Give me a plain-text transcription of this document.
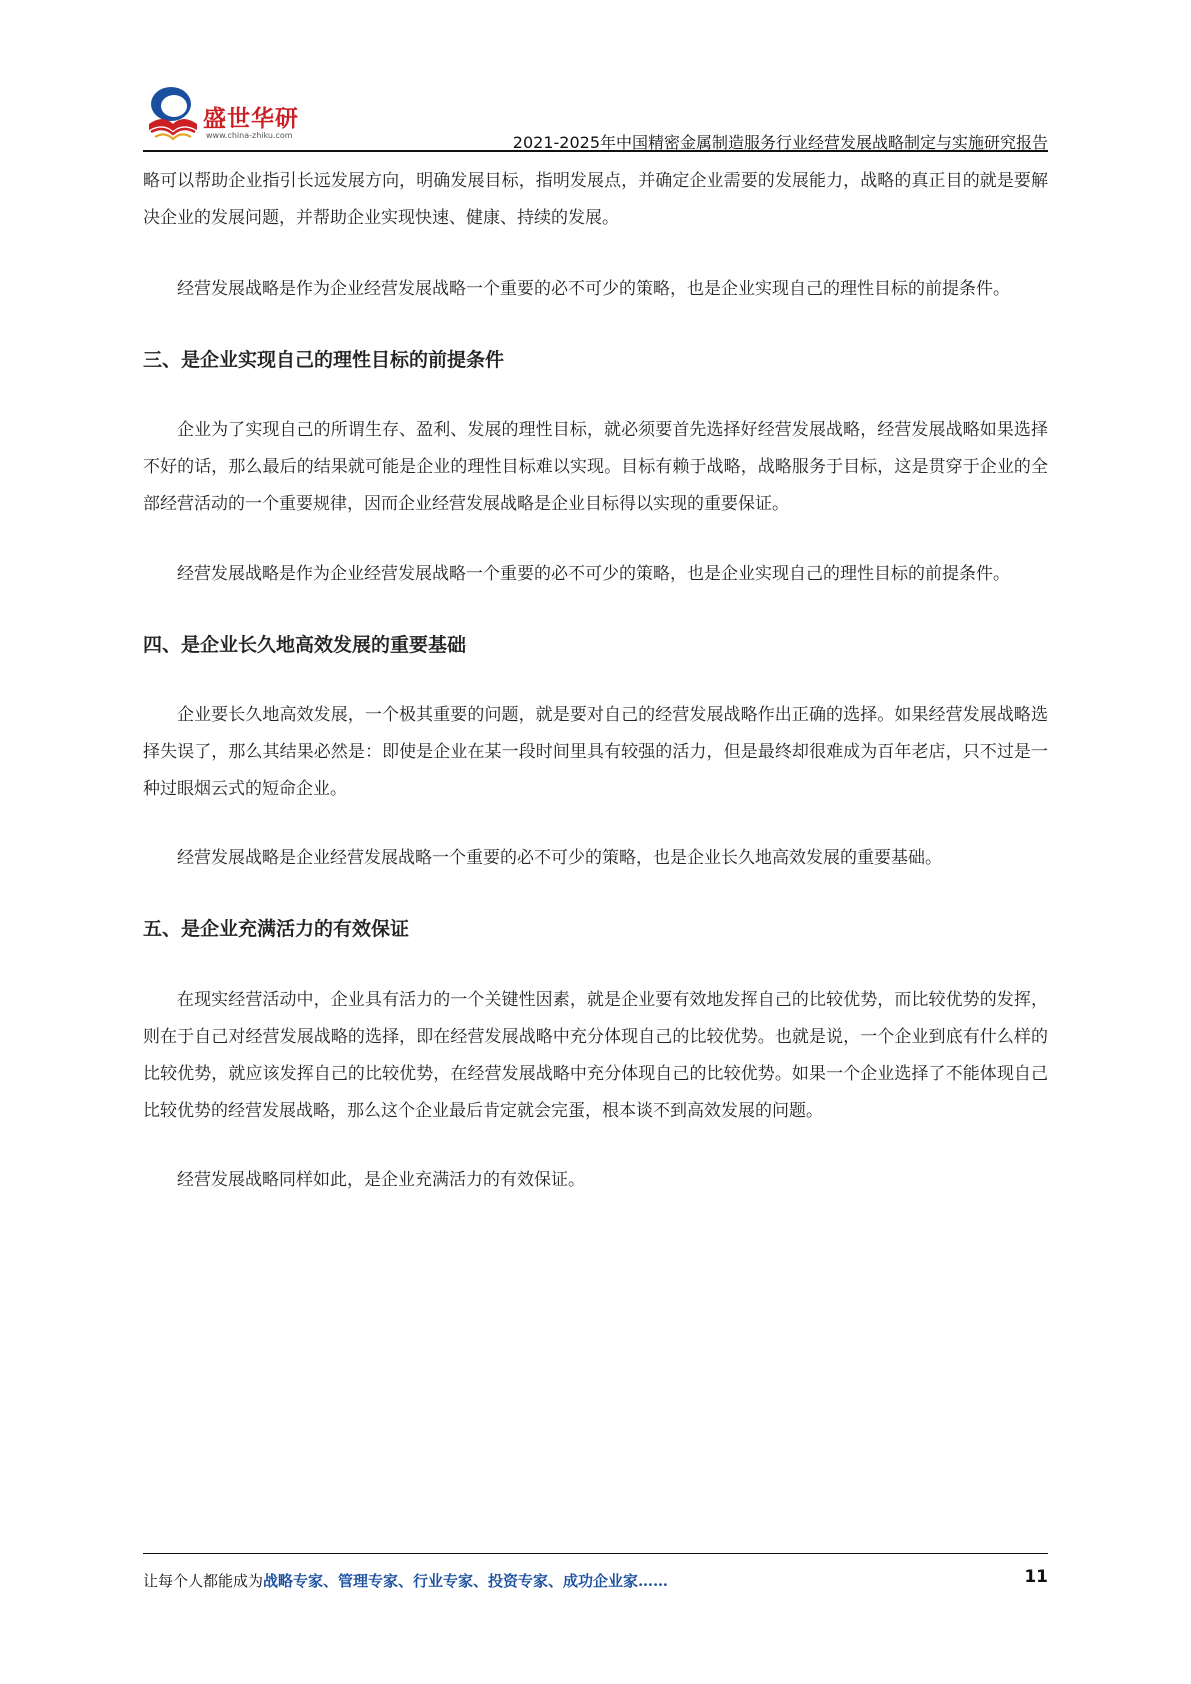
盛世华研
www.china-zhiku.com	2021-2025年中国精密金属制造服务行业经营发展战略制定与实施研究报告

略可以帮助企业指引长远发展方向，明确发展目标，指明发展点，并确定企业需要的发展能力，战略的真正目的就是要解决企业的发展问题，并帮助企业实现快速、健康、持续的发展。

经营发展战略是作为企业经营发展战略一个重要的必不可少的策略，也是企业实现自己的理性目标的前提条件。

三、是企业实现自己的理性目标的前提条件

企业为了实现自己的所谓生存、盈利、发展的理性目标，就必须要首先选择好经营发展战略，经营发展战略如果选择不好的话，那么最后的结果就可能是企业的理性目标难以实现。目标有赖于战略，战略服务于目标，这是贯穿于企业的全部经营活动的一个重要规律，因而企业经营发展战略是企业目标得以实现的重要保证。

经营发展战略是作为企业经营发展战略一个重要的必不可少的策略，也是企业实现自己的理性目标的前提条件。

四、是企业长久地高效发展的重要基础

企业要长久地高效发展，一个极其重要的问题，就是要对自己的经营发展战略作出正确的选择。如果经营发展战略选择失误了，那么其结果必然是：即使是企业在某一段时间里具有较强的活力，但是最终却很难成为百年老店，只不过是一种过眼烟云式的短命企业。

经营发展战略是企业经营发展战略一个重要的必不可少的策略，也是企业长久地高效发展的重要基础。

五、是企业充满活力的有效保证

在现实经营活动中，企业具有活力的一个关键性因素，就是企业要有效地发挥自己的比较优势，而比较优势的发挥，则在于自己对经营发展战略的选择，即在经营发展战略中充分体现自己的比较优势。也就是说，一个企业到底有什么样的比较优势，就应该发挥自己的比较优势，在经营发展战略中充分体现自己的比较优势。如果一个企业选择了不能体现自己比较优势的经营发展战略，那么这个企业最后肯定就会完蛋，根本谈不到高效发展的问题。

经营发展战略同样如此，是企业充满活力的有效保证。

让每个人都能成为战略专家、管理专家、行业专家、投资专家、成功企业家……	11
